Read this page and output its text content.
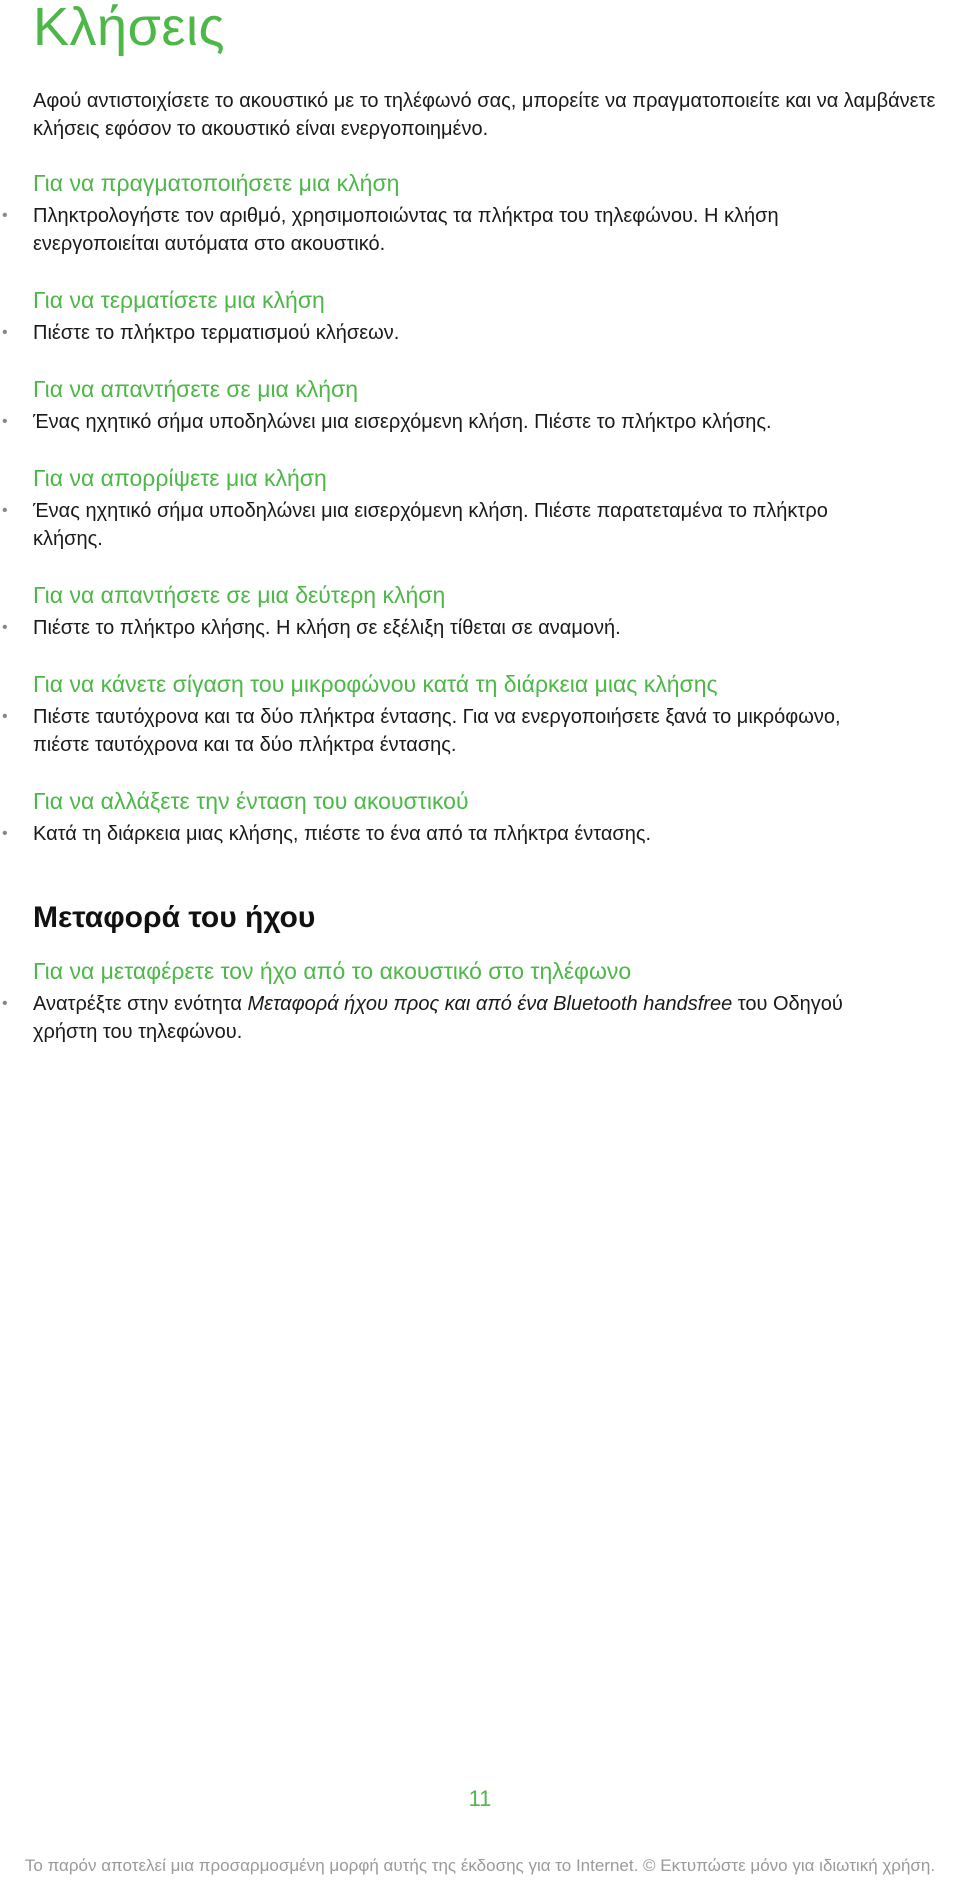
Κλήσεις

Αφού αντιστοιχίσετε το ακουστικό με το τηλέφωνό σας, μπορείτε να πραγματοποιείτε και να λαμβάνετε κλήσεις εφόσον το ακουστικό είναι ενεργοποιημένο.

Για να πραγματοποιήσετε μια κλήση
• Πληκτρολογήστε τον αριθμό, χρησιμοποιώντας τα πλήκτρα του τηλεφώνου. Η κλήση ενεργοποιείται αυτόματα στο ακουστικό.
Για να τερματίσετε μια κλήση
• Πιέστε το πλήκτρο τερματισμού κλήσεων.
Για να απαντήσετε σε μια κλήση
• Ένας ηχητικό σήμα υποδηλώνει μια εισερχόμενη κλήση. Πιέστε το πλήκτρο κλήσης.
Για να απορρίψετε μια κλήση
• Ένας ηχητικό σήμα υποδηλώνει μια εισερχόμενη κλήση. Πιέστε παρατεταμένα το πλήκτρο κλήσης.
Για να απαντήσετε σε μια δεύτερη κλήση
• Πιέστε το πλήκτρο κλήσης. Η κλήση σε εξέλιξη τίθεται σε αναμονή.
Για να κάνετε σίγαση του μικροφώνου κατά τη διάρκεια μιας κλήσης
• Πιέστε ταυτόχρονα και τα δύο πλήκτρα έντασης. Για να ενεργοποιήσετε ξανά το μικρόφωνο, πιέστε ταυτόχρονα και τα δύο πλήκτρα έντασης.
Για να αλλάξετε την ένταση του ακουστικού
• Κατά τη διάρκεια μιας κλήσης, πιέστε το ένα από τα πλήκτρα έντασης.
Μεταφορά του ήχου
Για να μεταφέρετε τον ήχο από το ακουστικό στο τηλέφωνο
• Ανατρέξτε στην ενότητα Μεταφορά ήχου προς και από ένα Bluetooth handsfree του Οδηγού χρήστη του τηλεφώνου.

11

Το παρόν αποτελεί μια προσαρμοσμένη μορφή αυτής της έκδοσης για το Internet. © Εκτυπώστε μόνο για ιδιωτική χρήση.
